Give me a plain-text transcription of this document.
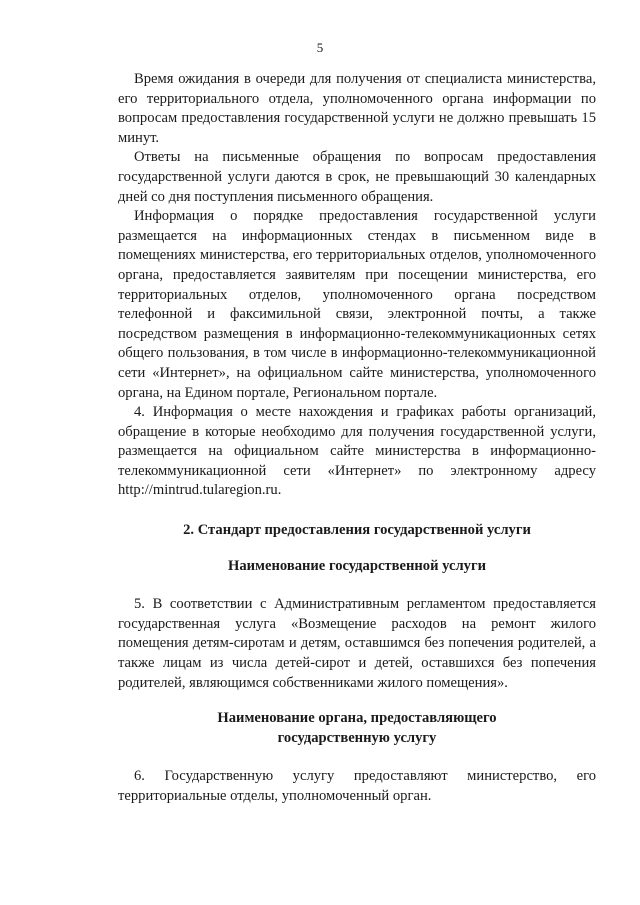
5

Время ожидания в очереди для получения от специалиста министерства, его территориального отдела, уполномоченного органа информации по вопросам предоставления государственной услуги не должно превышать 15 минут.

Ответы на письменные обращения по вопросам предоставления государственной услуги даются в срок, не превышающий 30 календарных дней со дня поступления письменного обращения.

Информация о порядке предоставления государственной услуги размещается на информационных стендах в письменном виде в помещениях министерства, его территориальных отделов, уполномоченного органа, предоставляется заявителям при посещении министерства, его территориальных отделов, уполномоченного органа посредством телефонной и факсимильной связи, электронной почты, а также посредством размещения в информационно-телекоммуникационных сетях общего пользования, в том числе в информационно-телекоммуникационной сети «Интернет», на официальном сайте министерства, уполномоченного органа, на Едином портале, Региональном портале.

4. Информация о месте нахождения и графиках работы организаций, обращение в которые необходимо для получения государственной услуги, размещается на официальном сайте министерства в информационно-телекоммуникационной сети «Интернет» по электронному адресу http://mintrud.tularegion.ru.

2. Стандарт предоставления государственной услуги

Наименование государственной услуги

5. В соответствии с Административным регламентом предоставляется государственная услуга «Возмещение расходов на ремонт жилого помещения детям-сиротам и детям, оставшимся без попечения родителей, а также лицам из числа детей-сирот и детей, оставшихся без попечения родителей, являющимся собственниками жилого помещения».

Наименование органа, предоставляющего
государственную услугу

6. Государственную услугу предоставляют министерство, его территориальные отделы, уполномоченный орган.
